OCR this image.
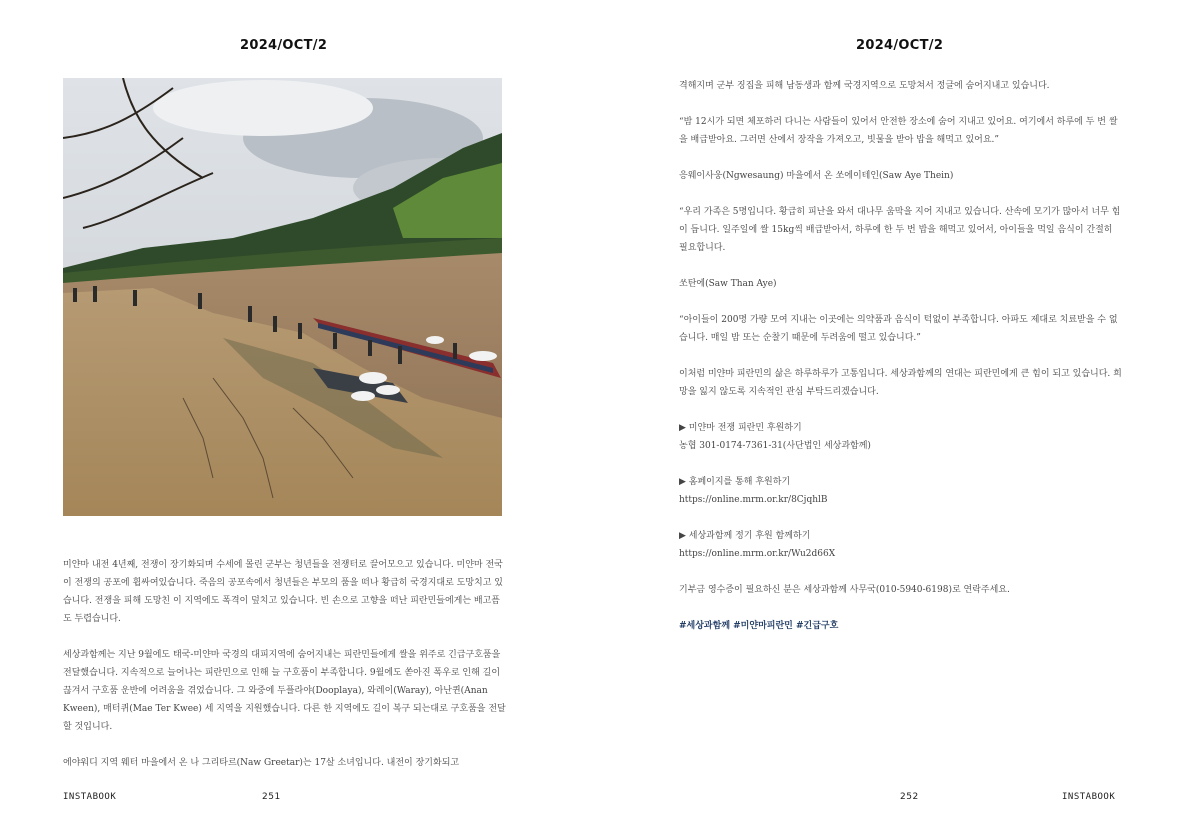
2024/OCT/2

미얀마 내전 4년째, 전쟁이 장기화되며 수세에 몰린 군부는 청년들을 전쟁터로 끌어모으고 있습니다. 미얀마 전국이 전쟁의 공포에 휩싸여있습니다. 죽음의 공포속에서 청년들은 부모의 품을 떠나 황급히 국경지대로 도망치고 있습니다. 전쟁을 피해 도망친 이 지역에도 폭격이 덮치고 있습니다. 빈 손으로 고향을 떠난 피란민들에게는 배고픔도 두렵습니다.

세상과함께는 지난 9월에도 태국-미얀마 국경의 대피지역에 숨어지내는 피란민들에게 쌀을 위주로 긴급구호품을 전달했습니다. 지속적으로 늘어나는 피란민으로 인해 늘 구호품이 부족합니다. 9월에도 쏟아진 폭우로 인해 길이 끊겨서 구호품 운반에 어려움을 겪었습니다. 그 와중에 두플라야(Dooplaya), 와레이(Waray), 아난퀸(Anan Kween), 매터퀴(Mae Ter Kwee) 세 지역을 지원했습니다. 다른 한 지역에도 길이 복구 되는대로 구호품을 전달할 것입니다.

에야워디 지역 웨터 마을에서 온 나 그리타르(Naw Greetar)는 17살 소녀입니다. 내전이 장기화되고

INSTABOOK	251
2024/OCT/2

격해지며 군부 징집을 피해 남동생과 함께 국경지역으로 도망쳐서 정글에 숨어지내고 있습니다.

“밤 12시가 되면 체포하러 다니는 사람들이 있어서 안전한 장소에 숨어 지내고 있어요. 여기에서 하루에 두 번 쌀을 배급받아요. 그러면 산에서 장작을 가져오고, 빗물을 받아 밥을 해먹고 있어요.”

응웨이사웅(Ngwesaung) 마을에서 온 쏘에이테인(Saw Aye Thein)

“우리 가족은 5명입니다. 황급히 피난을 와서 대나무 움막을 지어 지내고 있습니다. 산속에 모기가 많아서 너무 힘이 듭니다. 일주일에 쌀 15kg씩 배급받아서, 하루에 한 두 번 밥을 해먹고 있어서, 아이들을 먹일 음식이 간절히 필요합니다.

쏘탄에(Saw Than Aye)

“아이들이 200명 가량 모여 지내는 이곳에는 의약품과 음식이 턱없이 부족합니다. 아파도 제대로 치료받을 수 없습니다. 매일 밤 또는 순찰기 때문에 두려움에 떨고 있습니다.”

이처럼 미얀마 피란민의 삶은 하루하루가 고통입니다. 세상과함께의 연대는 피란민에게 큰 힘이 되고 있습니다. 희망을 잃지 않도록 지속적인 관심 부탁드리겠습니다.

▶ 미얀마 전쟁 피란민 후원하기
농협 301-0174-7361-31(사단법인 세상과함께)

▶ 홈페이지를 통해 후원하기
https://online.mrm.or.kr/8CjqhlB

▶ 세상과함께 정기 후원 함께하기
https://online.mrm.or.kr/Wu2d66X

기부금 영수증이 필요하신 분은 세상과함께 사무국(010-5940-6198)로 연락주세요.

#세상과함께 #미얀마피란민 #긴급구호

252	INSTABOOK
